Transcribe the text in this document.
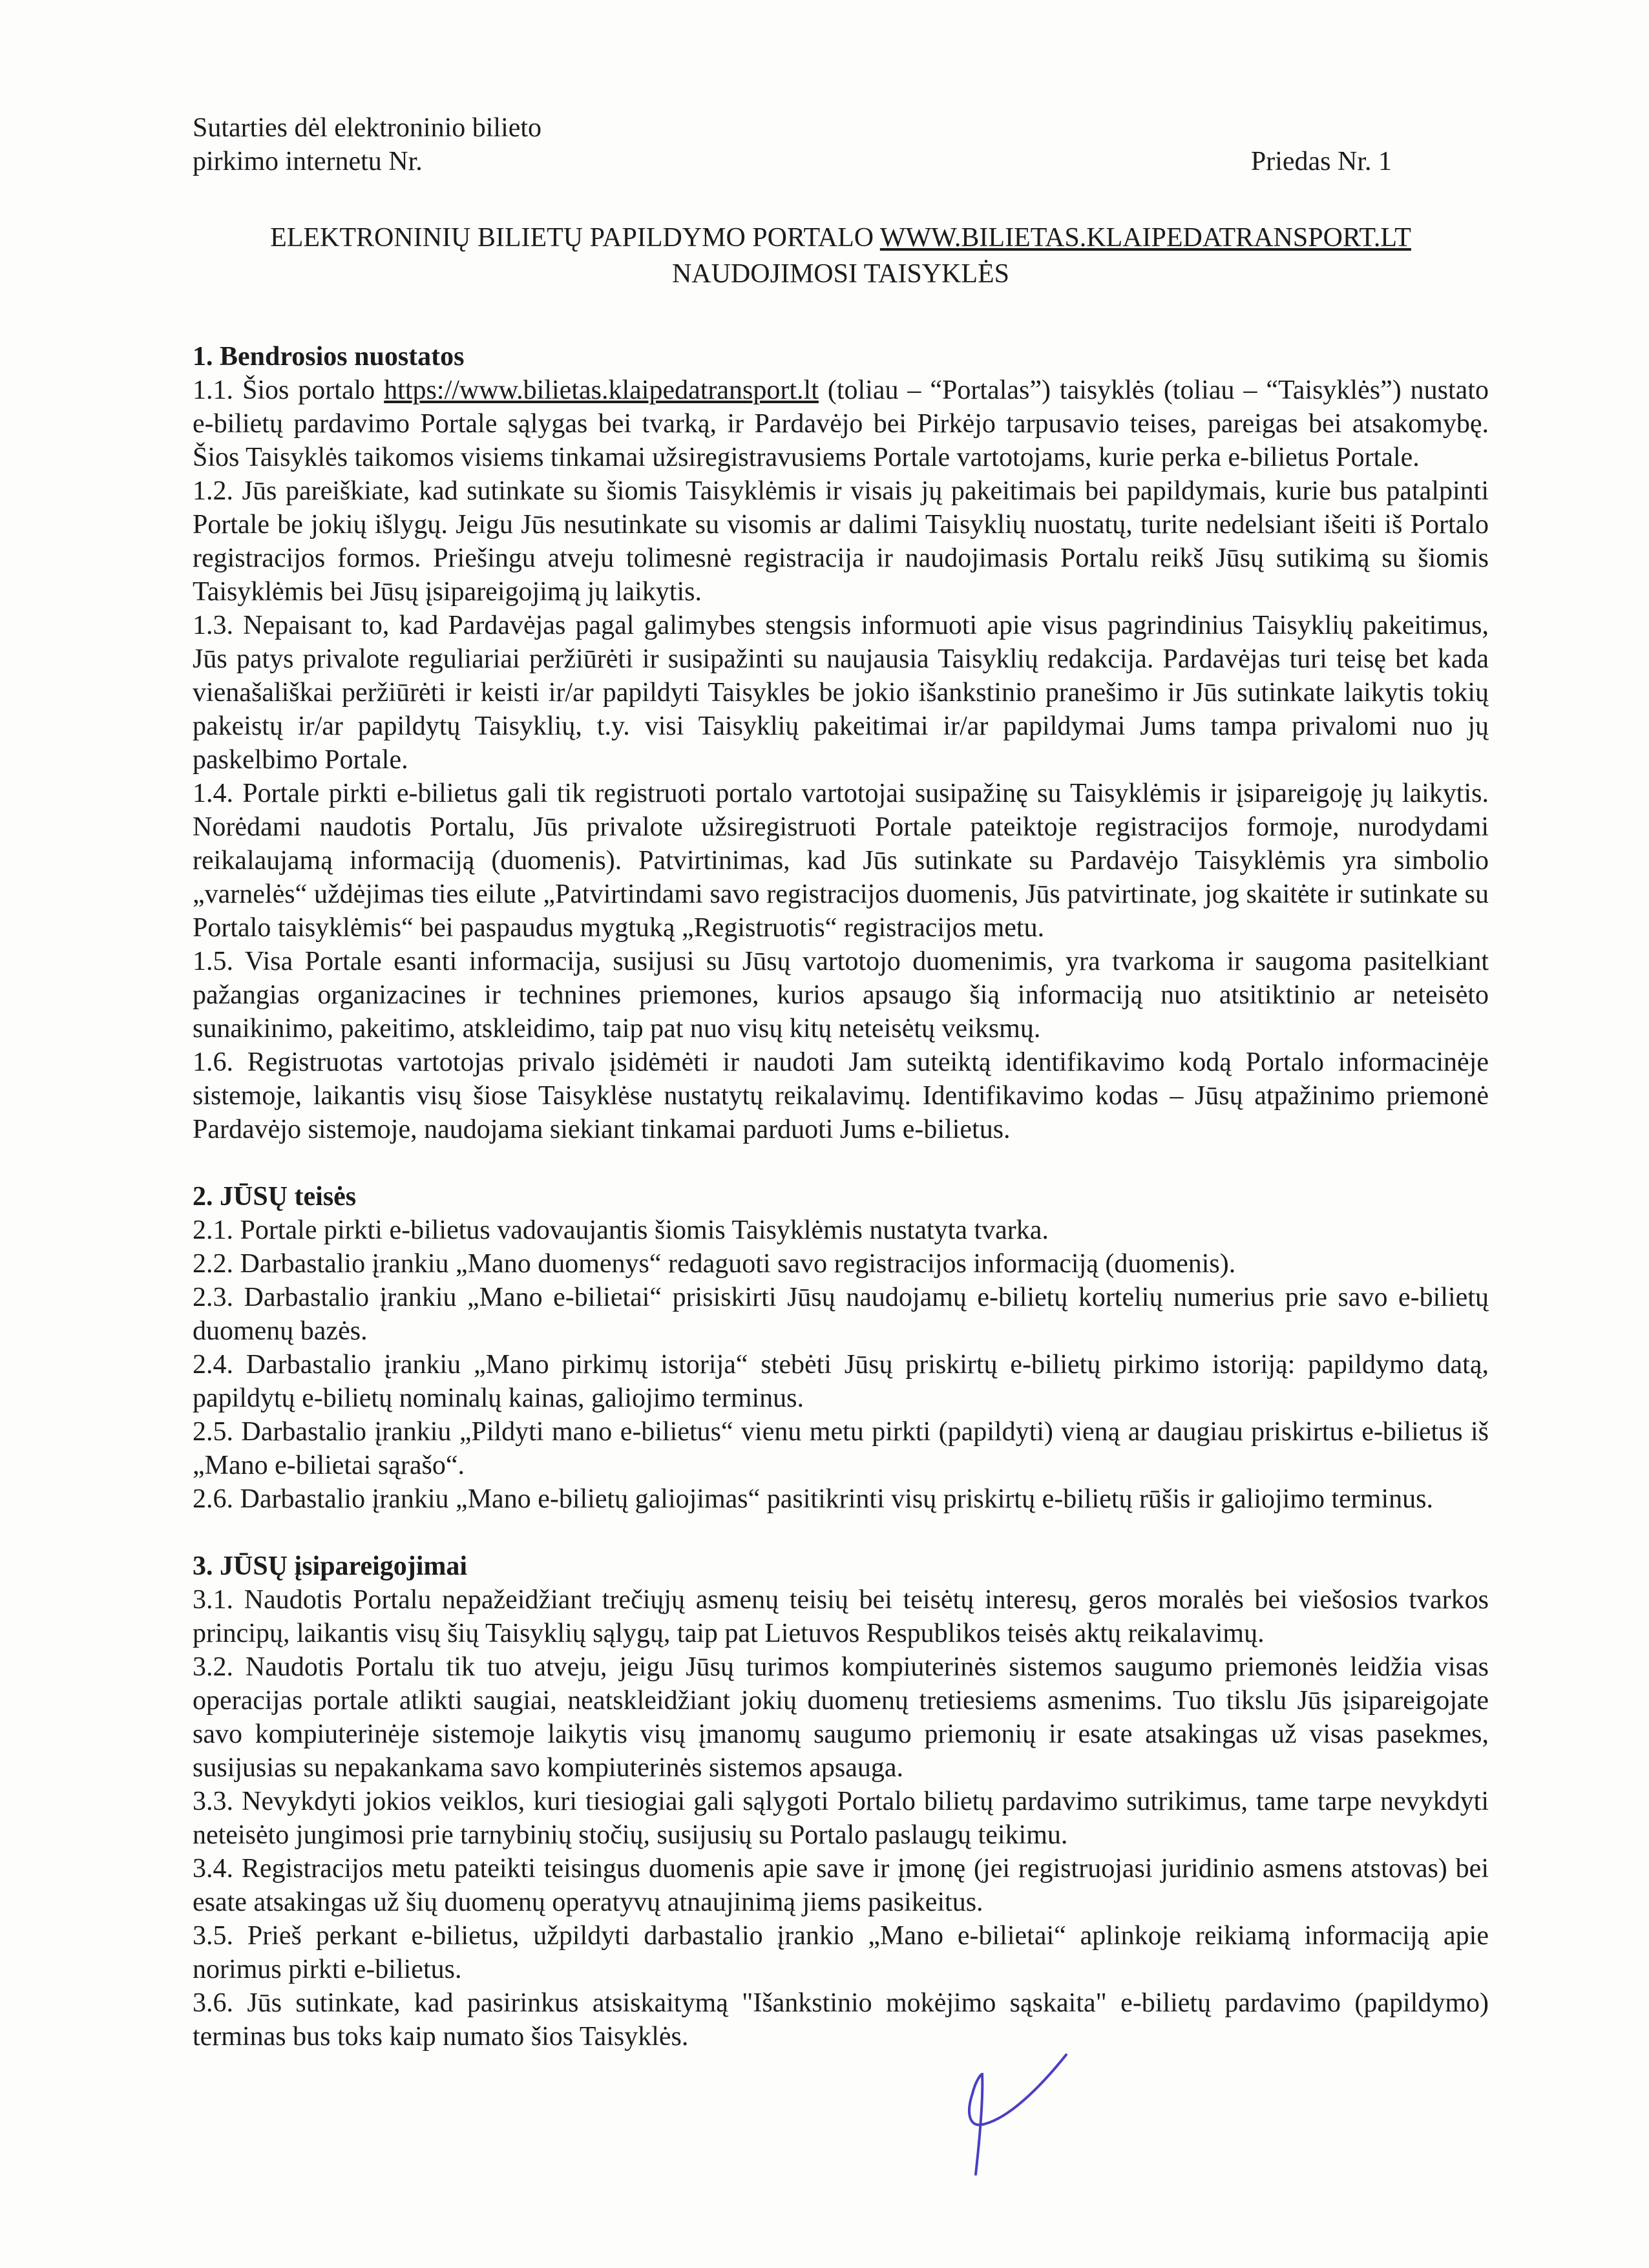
Sutarties dėl elektroninio bilieto
pirkimo internetu Nr.	Priedas Nr. 1
ELEKTRONINIŲ BILIETŲ PAPILDYMO PORTALO WWW.BILIETAS.KLAIPEDATRANSPORT.LT
NAUDOJIMOSI TAISYKLĖS
1. Bendrosios nuostatos

1.1. Šios portalo https://www.bilietas.klaipedatransport.lt (toliau – “Portalas”) taisyklės (toliau – “Taisyklės”) nustato e-bilietų pardavimo Portale sąlygas bei tvarką, ir Pardavėjo bei Pirkėjo tarpusavio teises, pareigas bei atsakomybę. Šios Taisyklės taikomos visiems tinkamai užsiregistravusiems Portale vartotojams, kurie perka e-bilietus Portale.

1.2. Jūs pareiškiate, kad sutinkate su šiomis Taisyklėmis ir visais jų pakeitimais bei papildymais, kurie bus patalpinti Portale be jokių išlygų. Jeigu Jūs nesutinkate su visomis ar dalimi Taisyklių nuostatų, turite nedelsiant išeiti iš Portalo registracijos formos. Priešingu atveju tolimesnė registracija ir naudojimasis Portalu reikš Jūsų sutikimą su šiomis Taisyklėmis bei Jūsų įsipareigojimą jų laikytis.

1.3. Nepaisant to, kad Pardavėjas pagal galimybes stengsis informuoti apie visus pagrindinius Taisyklių pakeitimus, Jūs patys privalote reguliariai peržiūrėti ir susipažinti su naujausia Taisyklių redakcija. Pardavėjas turi teisę bet kada vienašališkai peržiūrėti ir keisti ir/ar papildyti Taisykles be jokio išankstinio pranešimo ir Jūs sutinkate laikytis tokių pakeistų ir/ar papildytų Taisyklių, t.y. visi Taisyklių pakeitimai ir/ar papildymai Jums tampa privalomi nuo jų paskelbimo Portale.

1.4. Portale pirkti e-bilietus gali tik registruoti portalo vartotojai susipažinę su Taisyklėmis ir įsipareigoję jų laikytis. Norėdami naudotis Portalu, Jūs privalote užsiregistruoti Portale pateiktoje registracijos formoje, nurodydami reikalaujamą informaciją (duomenis). Patvirtinimas, kad Jūs sutinkate su Pardavėjo Taisyklėmis yra simbolio „varnelės“ uždėjimas ties eilute „Patvirtindami savo registracijos duomenis, Jūs patvirtinate, jog skaitėte ir sutinkate su Portalo taisyklėmis“ bei paspaudus mygtuką „Registruotis“ registracijos metu.

1.5. Visa Portale esanti informacija, susijusi su Jūsų vartotojo duomenimis, yra tvarkoma ir saugoma pasitelkiant pažangias organizacines ir technines priemones, kurios apsaugo šią informaciją nuo atsitiktinio ar neteisėto sunaikinimo, pakeitimo, atskleidimo, taip pat nuo visų kitų neteisėtų veiksmų.

1.6. Registruotas vartotojas privalo įsidėmėti ir naudoti Jam suteiktą identifikavimo kodą Portalo informacinėje sistemoje, laikantis visų šiose Taisyklėse nustatytų reikalavimų. Identifikavimo kodas – Jūsų atpažinimo priemonė Pardavėjo sistemoje, naudojama siekiant tinkamai parduoti Jums e-bilietus.

2. JŪSŲ teisės

2.1. Portale pirkti e-bilietus vadovaujantis šiomis Taisyklėmis nustatyta tvarka.

2.2. Darbastalio įrankiu „Mano duomenys“ redaguoti savo registracijos informaciją (duomenis).

2.3. Darbastalio įrankiu „Mano e-bilietai“ prisiskirti Jūsų naudojamų e-bilietų kortelių numerius prie savo e-bilietų duomenų bazės.

2.4. Darbastalio įrankiu „Mano pirkimų istorija“ stebėti Jūsų priskirtų e-bilietų pirkimo istoriją: papildymo datą, papildytų e-bilietų nominalų kainas, galiojimo terminus.

2.5. Darbastalio įrankiu „Pildyti mano e-bilietus“ vienu metu pirkti (papildyti) vieną ar daugiau priskirtus e-bilietus iš „Mano e-bilietai sąrašo“.

2.6. Darbastalio įrankiu „Mano e-bilietų galiojimas“ pasitikrinti visų priskirtų e-bilietų rūšis ir galiojimo terminus.

3. JŪSŲ įsipareigojimai

3.1. Naudotis Portalu nepažeidžiant trečiųjų asmenų teisių bei teisėtų interesų, geros moralės bei viešosios tvarkos principų, laikantis visų šių Taisyklių sąlygų, taip pat Lietuvos Respublikos teisės aktų reikalavimų.

3.2. Naudotis Portalu tik tuo atveju, jeigu Jūsų turimos kompiuterinės sistemos saugumo priemonės leidžia visas operacijas portale atlikti saugiai, neatskleidžiant jokių duomenų tretiesiems asmenims. Tuo tikslu Jūs įsipareigojate savo kompiuterinėje sistemoje laikytis visų įmanomų saugumo priemonių ir esate atsakingas už visas pasekmes, susijusias su nepakankama savo kompiuterinės sistemos apsauga.

3.3. Nevykdyti jokios veiklos, kuri tiesiogiai gali sąlygoti Portalo bilietų pardavimo sutrikimus, tame tarpe nevykdyti neteisėto jungimosi prie tarnybinių stočių, susijusių su Portalo paslaugų teikimu.

3.4. Registracijos metu pateikti teisingus duomenis apie save ir įmonę (jei registruojasi juridinio asmens atstovas) bei esate atsakingas už šių duomenų operatyvų atnaujinimą jiems pasikeitus.

3.5. Prieš perkant e-bilietus, užpildyti darbastalio įrankio „Mano e-bilietai“ aplinkoje reikiamą informaciją apie norimus pirkti e-bilietus.

3.6. Jūs sutinkate, kad pasirinkus atsiskaitymą "Išankstinio mokėjimo sąskaita" e-bilietų pardavimo (papildymo) terminas bus toks kaip numato šios Taisyklės.
